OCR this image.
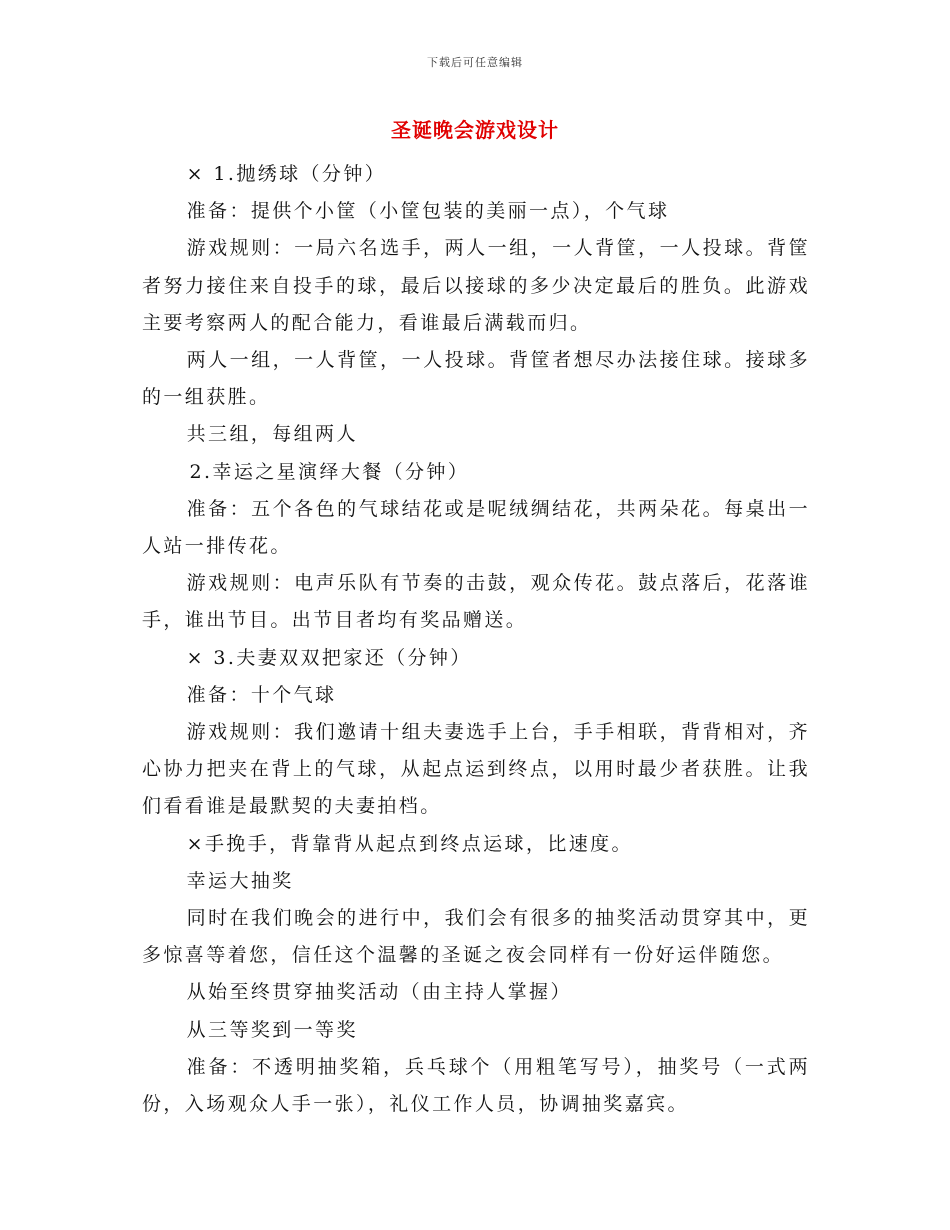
下载后可任意编辑
圣诞晚会游戏设计

× 1.抛绣球（分钟）

准备：提供个小筐（小筐包装的美丽一点），个气球

游戏规则：一局六名选手，两人一组，一人背筐，一人投球。背筐者努力接住来自投手的球，最后以接球的多少决定最后的胜负。此游戏主要考察两人的配合能力，看谁最后满载而归。

两人一组，一人背筐，一人投球。背筐者想尽办法接住球。接球多的一组获胜。

共三组，每组两人

2.幸运之星演绎大餐（分钟）

准备：五个各色的气球结花或是呢绒绸结花，共两朵花。每桌出一人站一排传花。

游戏规则：电声乐队有节奏的击鼓，观众传花。鼓点落后，花落谁手，谁出节目。出节目者均有奖品赠送。

× 3.夫妻双双把家还（分钟）

准备：十个气球

游戏规则：我们邀请十组夫妻选手上台，手手相联，背背相对，齐心协力把夹在背上的气球，从起点运到终点，以用时最少者获胜。让我们看看谁是最默契的夫妻拍档。

×手挽手，背靠背从起点到终点运球，比速度。

幸运大抽奖

同时在我们晚会的进行中，我们会有很多的抽奖活动贯穿其中，更多惊喜等着您，信任这个温馨的圣诞之夜会同样有一份好运伴随您。

从始至终贯穿抽奖活动（由主持人掌握）

从三等奖到一等奖

准备：不透明抽奖箱，兵乓球个（用粗笔写号），抽奖号（一式两份，入场观众人手一张），礼仪工作人员，协调抽奖嘉宾。
